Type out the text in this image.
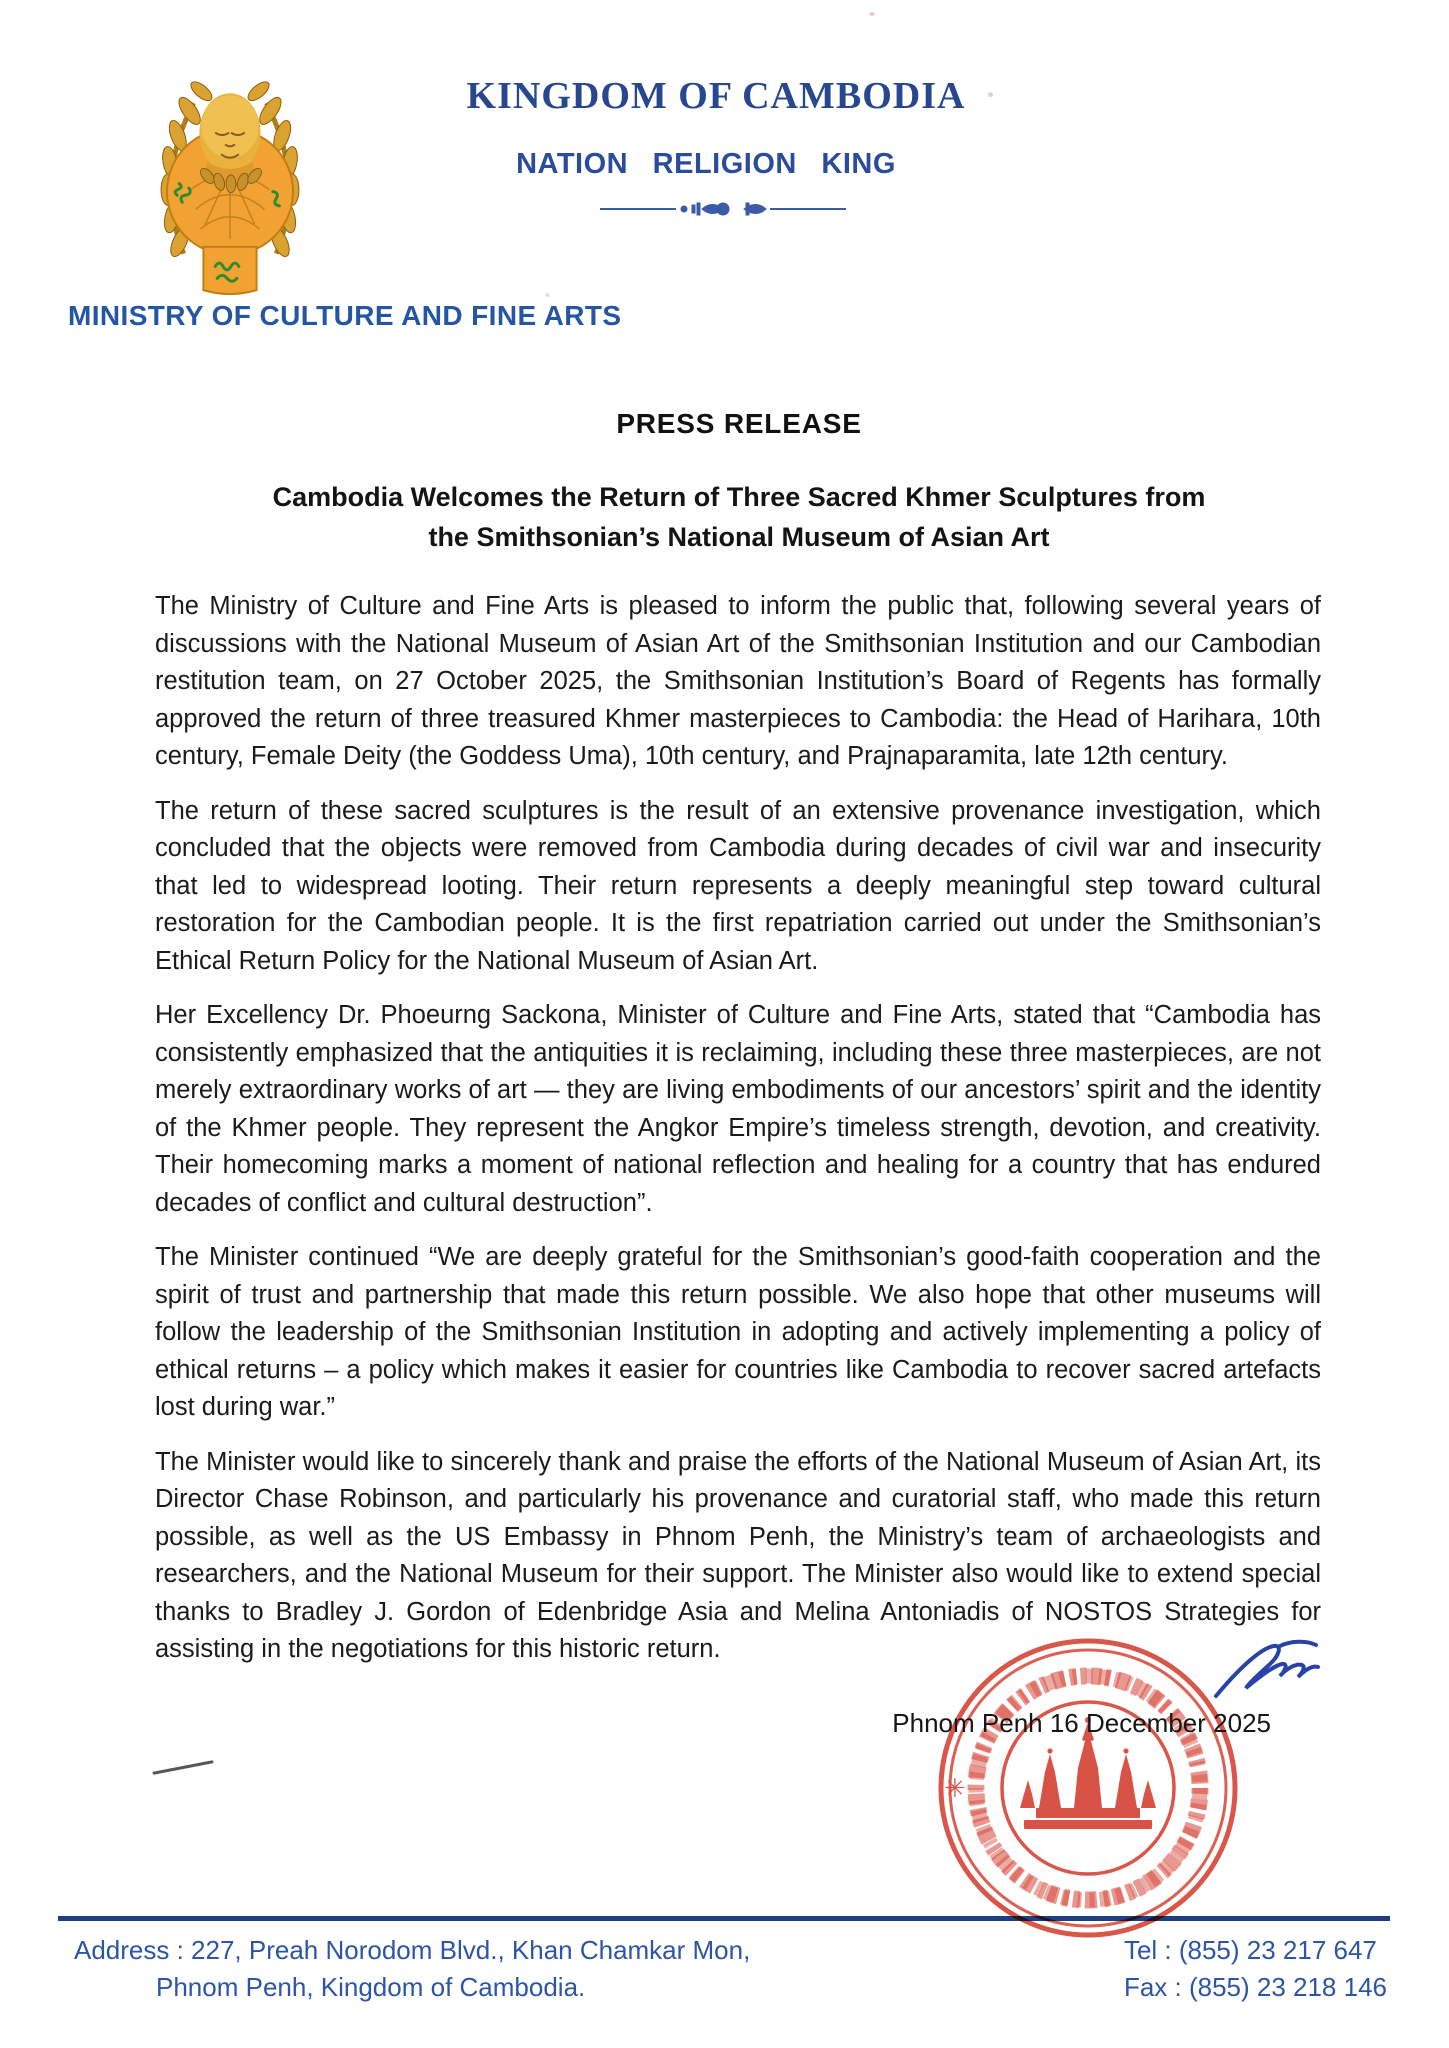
KINGDOM OF CAMBODIA
NATION RELIGION KING
MINISTRY OF CULTURE AND FINE ARTS
PRESS RELEASE
Cambodia Welcomes the Return of Three Sacred Khmer Sculptures from
the Smithsonian’s National Museum of Asian Art

The Ministry of Culture and Fine Arts is pleased to inform the public that, following several years of discussions with the National Museum of Asian Art of the Smithsonian Institution and our Cambodian restitution team, on 27 October 2025, the Smithsonian Institution’s Board of Regents has formally approved the return of three treasured Khmer masterpieces to Cambodia: the Head of Harihara, 10th century, Female Deity (the Goddess Uma), 10th century, and Prajnaparamita, late 12th century.

The return of these sacred sculptures is the result of an extensive provenance investigation, which concluded that the objects were removed from Cambodia during decades of civil war and insecurity that led to widespread looting. Their return represents a deeply meaningful step toward cultural restoration for the Cambodian people. It is the first repatriation carried out under the Smithsonian’s Ethical Return Policy for the National Museum of Asian Art.

Her Excellency Dr. Phoeurng Sackona, Minister of Culture and Fine Arts, stated that “Cambodia has consistently emphasized that the antiquities it is reclaiming, including these three masterpieces, are not merely extraordinary works of art — they are living embodiments of our ancestors’ spirit and the identity of the Khmer people. They represent the Angkor Empire’s timeless strength, devotion, and creativity. Their homecoming marks a moment of national reflection and healing for a country that has endured decades of conflict and cultural destruction”.

The Minister continued “We are deeply grateful for the Smithsonian’s good-faith cooperation and the spirit of trust and partnership that made this return possible. We also hope that other museums will follow the leadership of the Smithsonian Institution in adopting and actively implementing a policy of ethical returns – a policy which makes it easier for countries like Cambodia to recover sacred artefacts lost during war.”

The Minister would like to sincerely thank and praise the efforts of the National Museum of Asian Art, its Director Chase Robinson, and particularly his provenance and curatorial staff, who made this return possible, as well as the US Embassy in Phnom Penh, the Ministry’s team of archaeologists and researchers, and the National Museum for their support. The Minister also would like to extend special thanks to Bradley J. Gordon of Edenbridge Asia and Melina Antoniadis of NOSTOS Strategies for assisting in the negotiations for this historic return.

Phnom Penh 16 December 2025
✳
Address : 227, Preah Norodom Blvd., Khan Chamkar Mon,
Phnom Penh, Kingdom of Cambodia.
Tel : (855) 23 217 647
Fax : (855) 23 218 146
